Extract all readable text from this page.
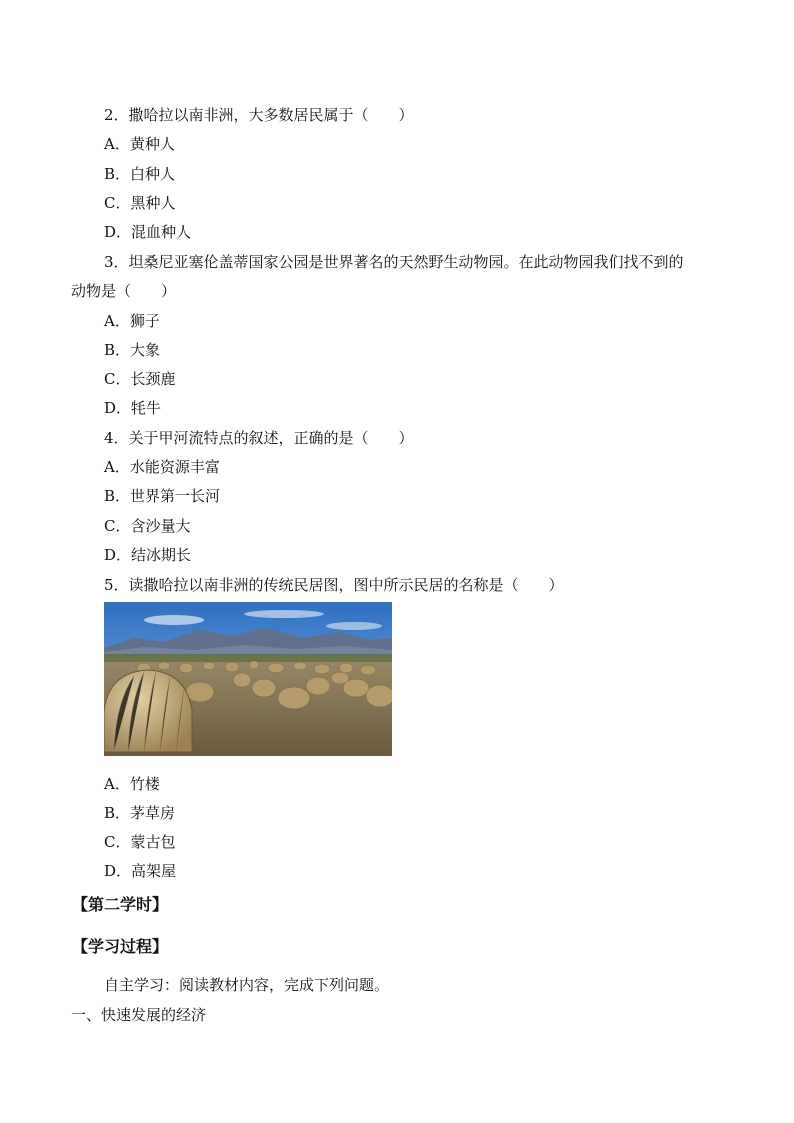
2．撒哈拉以南非洲，大多数居民属于（　　）
A．黄种人
B．白种人
C．黑种人
D．混血种人
3．坦桑尼亚塞伦盖蒂国家公园是世界著名的天然野生动物园。在此动物园我们找不到的
动物是（　　）
A．狮子
B．大象
C．长颈鹿
D．牦牛
4．关于甲河流特点的叙述，正确的是（　　）
A．水能资源丰富
B．世界第一长河
C．含沙量大
D．结冰期长
5．读撒哈拉以南非洲的传统民居图，图中所示民居的名称是（　　）
A．竹楼
B．茅草房
C．蒙古包
D．高架屋
【第二学时】
【学习过程】
自主学习：阅读教材内容，完成下列问题。
一、快速发展的经济
